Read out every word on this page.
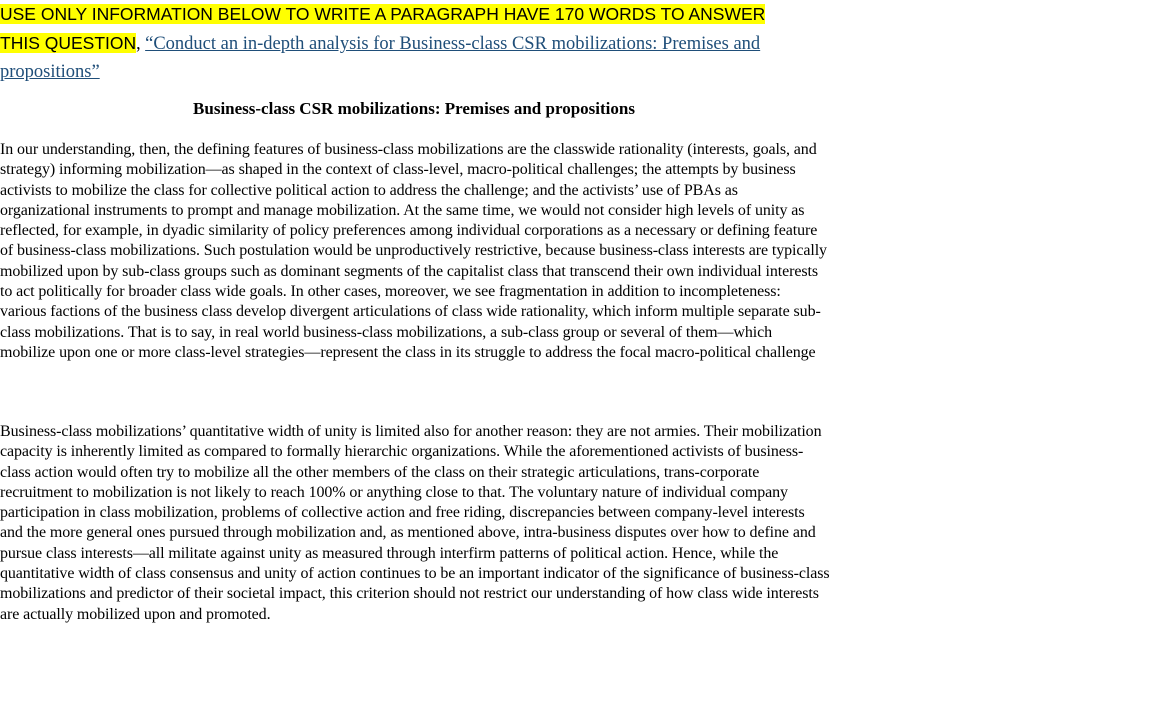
USE ONLY INFORMATION BELOW TO WRITE A PARAGRAPH HAVE 170 WORDS TO ANSWER THIS QUESTION, “Conduct an in-depth analysis for Business-class CSR mobilizations: Premises and propositions”

Business-class CSR mobilizations: Premises and propositions

In our understanding, then, the defining features of business-class mobilizations are the classwide rationality (interests, goals, and strategy) informing mobilization—as shaped in the context of class-level, macro-political challenges; the attempts by business activists to mobilize the class for collective political action to address the challenge; and the activists’ use of PBAs as organizational instruments to prompt and manage mobilization. At the same time, we would not consider high levels of unity as reflected, for example, in dyadic similarity of policy preferences among individual corporations as a necessary or defining feature of business-class mobilizations. Such postulation would be unproductively restrictive, because business-class interests are typically mobilized upon by sub-class groups such as dominant segments of the capitalist class that transcend their own individual interests to act politically for broader class wide goals. In other cases, moreover, we see fragmentation in addition to incompleteness: various factions of the business class develop divergent articulations of class wide rationality, which inform multiple separate sub-class mobilizations. That is to say, in real world business-class mobilizations, a sub-class group or several of them—which mobilize upon one or more class-level strategies—represent the class in its struggle to address the focal macro-political challenge

Business-class mobilizations’ quantitative width of unity is limited also for another reason: they are not armies. Their mobilization capacity is inherently limited as compared to formally hierarchic organizations. While the aforementioned activists of business-class action would often try to mobilize all the other members of the class on their strategic articulations, trans-corporate recruitment to mobilization is not likely to reach 100% or anything close to that. The voluntary nature of individual company participation in class mobilization, problems of collective action and free riding, discrepancies between company-level interests and the more general ones pursued through mobilization and, as mentioned above, intra-business disputes over how to define and pursue class interests—all militate against unity as measured through interfirm patterns of political action. Hence, while the quantitative width of class consensus and unity of action continues to be an important indicator of the significance of business-class mobilizations and predictor of their societal impact, this criterion should not restrict our understanding of how class wide interests are actually mobilized upon and promoted.
